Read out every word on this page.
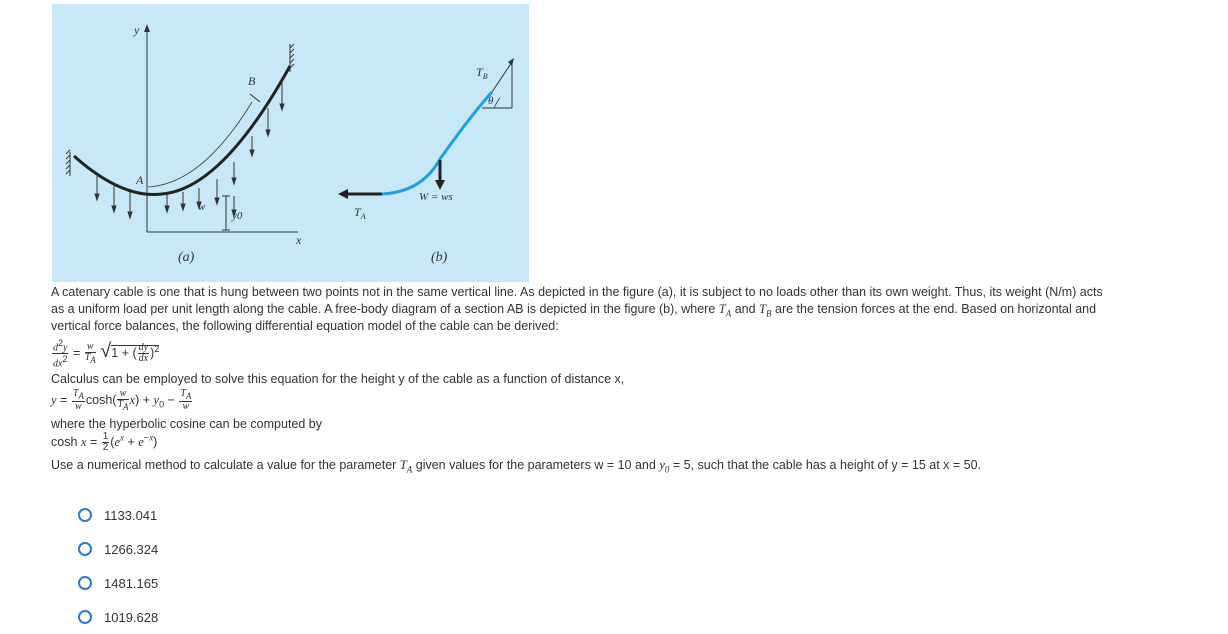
y
x
y0
w
A
B
$T_A$
W = ws
$T_B$
θ
(a)	(b)
A catenary cable is one that is hung between two points not in the same vertical line. As depicted in the figure (a), it is subject to no loads other than its own weight. Thus, its weight (N/m) acts
as a uniform load per unit length along the cable. A free-body diagram of a section AB is depicted in the figure (b), where $T_A$ and $T_B$ are the tension forces at the end. Based on horizontal and
vertical force balances, the following differential equation model of the cable can be derived:
$\frac{d^2y}{dx^2} = \frac{w}{T_A} √1$ + ( $\frac{dy}{dx} )^2$
Calculus can be employed to solve this equation for the height y of the cable as a function of distance x,
$y = \frac{T_A}{w} \cosh( \frac{w}{T_A} x) + y_0 - \frac{T_A}{w}$
where the hyperbolic cosine can be computed by
$\cosh x = \frac{1}{2} (e^x + e^{-x})$
Use a numerical method to calculate a value for the parameter $T_A$ given values for the parameters w = 10 and $y_0 = 5$, such that the cable has a height of y = 15 at x = 50.
1133.041
1266.324
1481.165
1019.628
